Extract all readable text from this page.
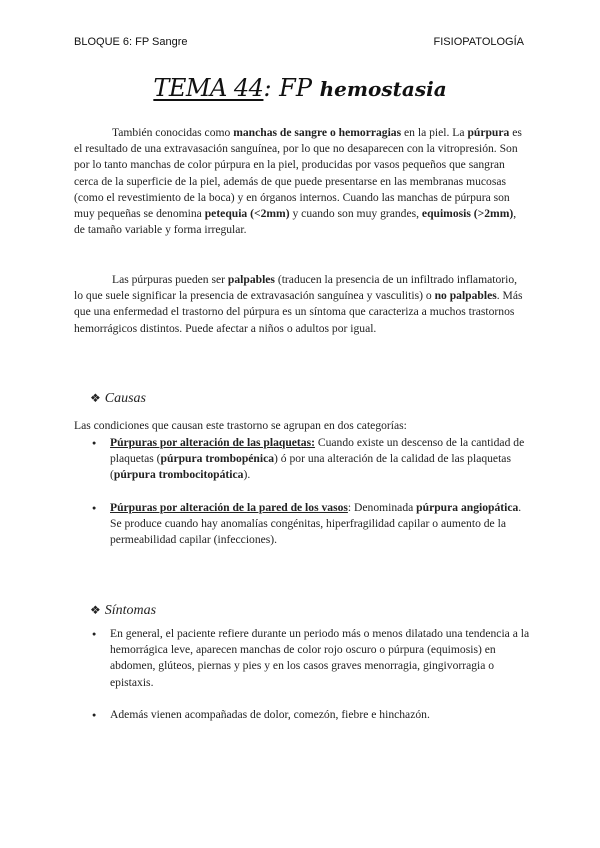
BLOQUE 6: FP Sangre	FISIOPATOLOGÍA
TEMA 44: FP hemostasia

También conocidas como manchas de sangre o hemorragias en la piel. La púrpura es el resultado de una extravasación sanguínea, por lo que no desaparecen con la vitropresión. Son por lo tanto manchas de color púrpura en la piel, producidas por vasos pequeños que sangran cerca de la superficie de la piel, además de que puede presentarse en las membranas mucosas (como el revestimiento de la boca) y en órganos internos. Cuando las manchas de púrpura son muy pequeñas se denomina petequia (<2mm) y cuando son muy grandes, equimosis (>2mm), de tamaño variable y forma irregular.

Las púrpuras pueden ser palpables (traducen la presencia de un infiltrado inflamatorio, lo que suele significar la presencia de extravasación sanguínea y vasculitis) o no palpables. Más que una enfermedad el trastorno del púrpura es un síntoma que caracteriza a muchos trastornos hemorrágicos distintos. Puede afectar a niños o adultos por igual.

❖ Causas
Las condiciones que causan este trastorno se agrupan en dos categorías:
● Púrpuras por alteración de las plaquetas: Cuando existe un descenso de la cantidad de plaquetas (púrpura trombopénica) ó por una alteración de la calidad de las plaquetas (púrpura trombocitopática).
● Púrpuras por alteración de la pared de los vasos: Denominada púrpura angiopática. Se produce cuando hay anomalías congénitas, hiperfragilidad capilar o aumento de la permeabilidad capilar (infecciones).
❖ Síntomas
● En general, el paciente refiere durante un periodo más o menos dilatado una tendencia a la hemorrágica leve, aparecen manchas de color rojo oscuro o púrpura (equimosis) en abdomen, glúteos, piernas y pies y en los casos graves menorragia, gingivorragia o epistaxis.
● Además vienen acompañadas de dolor, comezón, fiebre e hinchazón.
